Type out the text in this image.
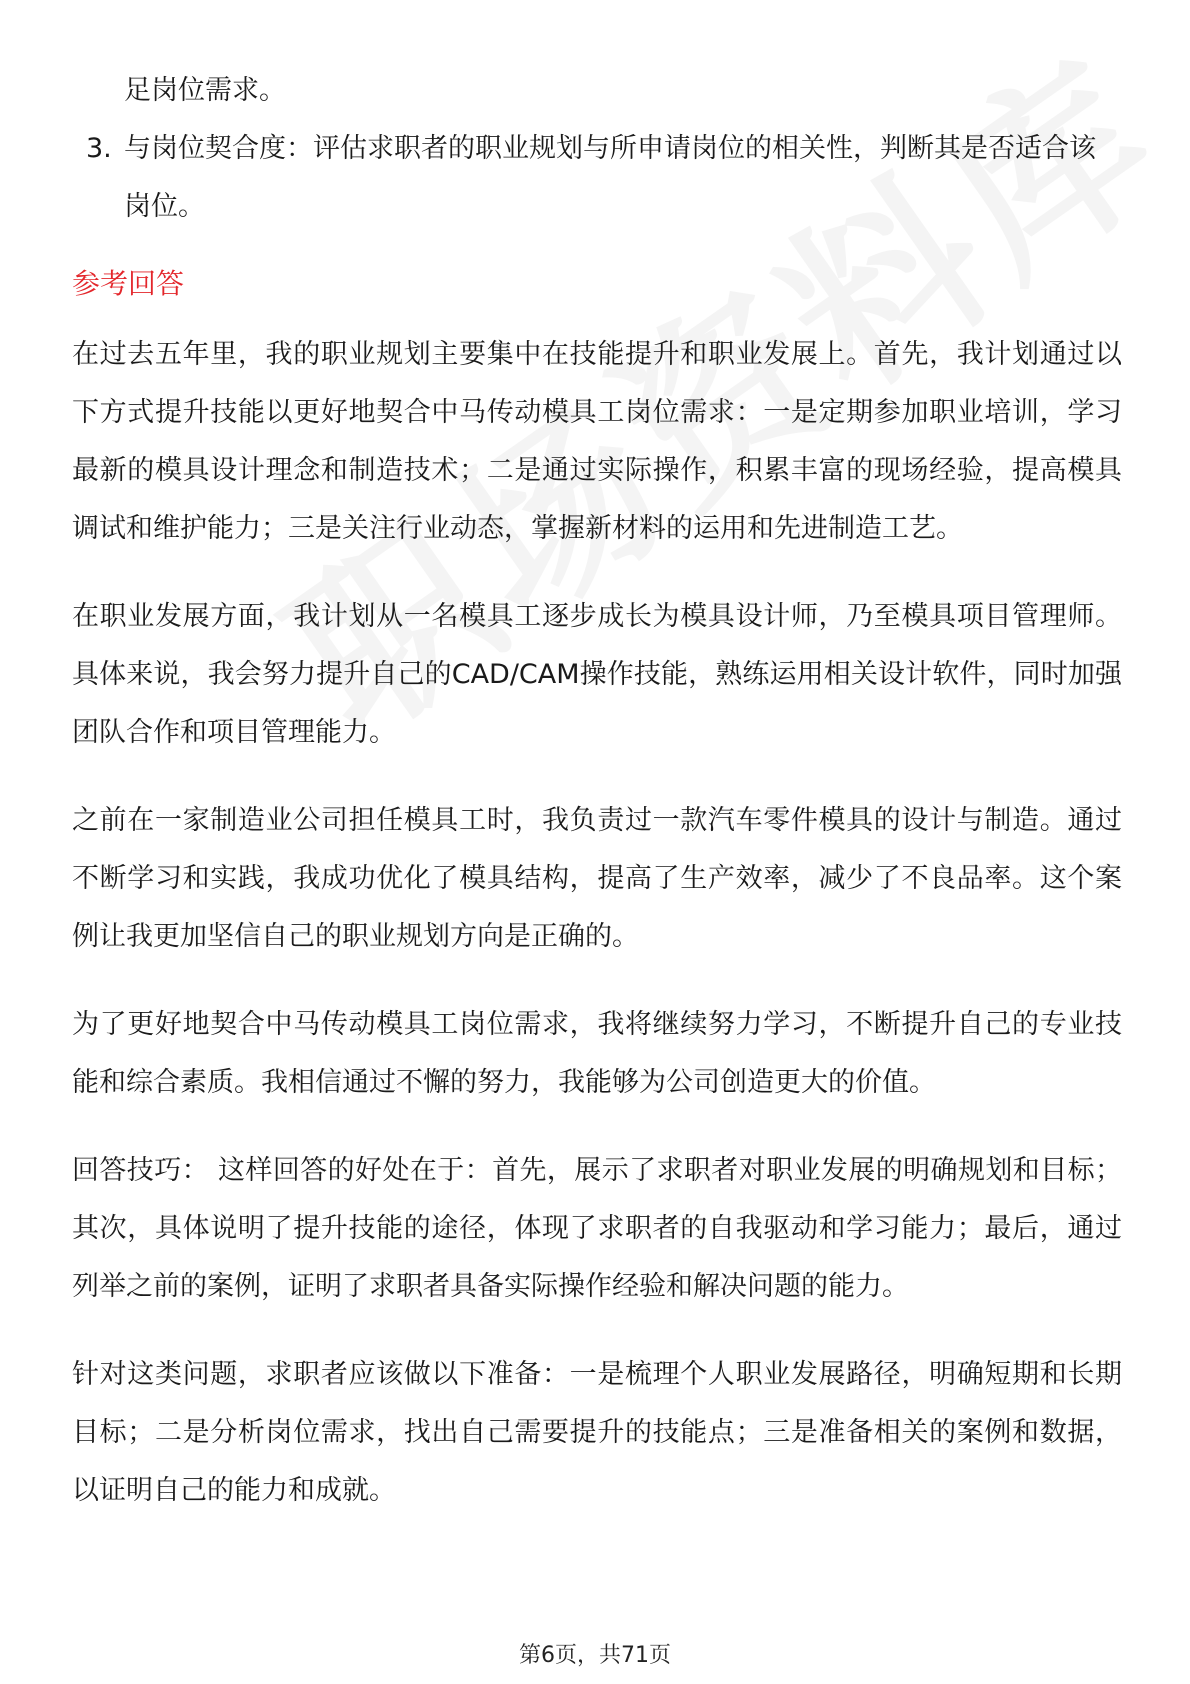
足岗位需求。
3. 与岗位契合度：评估求职者的职业规划与所申请岗位的相关性，判断其是否适合该岗位。
参考回答

在过去五年里，我的职业规划主要集中在技能提升和职业发展上。首先，我计划通过以下方式提升技能以更好地契合中马传动模具工岗位需求：一是定期参加职业培训，学习最新的模具设计理念和制造技术；二是通过实际操作，积累丰富的现场经验，提高模具调试和维护能力；三是关注行业动态，掌握新材料的运用和先进制造工艺。

在职业发展方面，我计划从一名模具工逐步成长为模具设计师，乃至模具项目管理师。具体来说，我会努力提升自己的CAD/CAM操作技能，熟练运用相关设计软件，同时加强团队合作和项目管理能力。

之前在一家制造业公司担任模具工时，我负责过一款汽车零件模具的设计与制造。通过不断学习和实践，我成功优化了模具结构，提高了生产效率，减少了不良品率。这个案例让我更加坚信自己的职业规划方向是正确的。

为了更好地契合中马传动模具工岗位需求，我将继续努力学习，不断提升自己的专业技能和综合素质。我相信通过不懈的努力，我能够为公司创造更大的价值。

回答技巧： 这样回答的好处在于：首先，展示了求职者对职业发展的明确规划和目标；其次，具体说明了提升技能的途径，体现了求职者的自我驱动和学习能力；最后，通过列举之前的案例，证明了求职者具备实际操作经验和解决问题的能力。

针对这类问题，求职者应该做以下准备：一是梳理个人职业发展路径，明确短期和长期目标；二是分析岗位需求，找出自己需要提升的技能点；三是准备相关的案例和数据，以证明自己的能力和成就。

第6页，共71页
